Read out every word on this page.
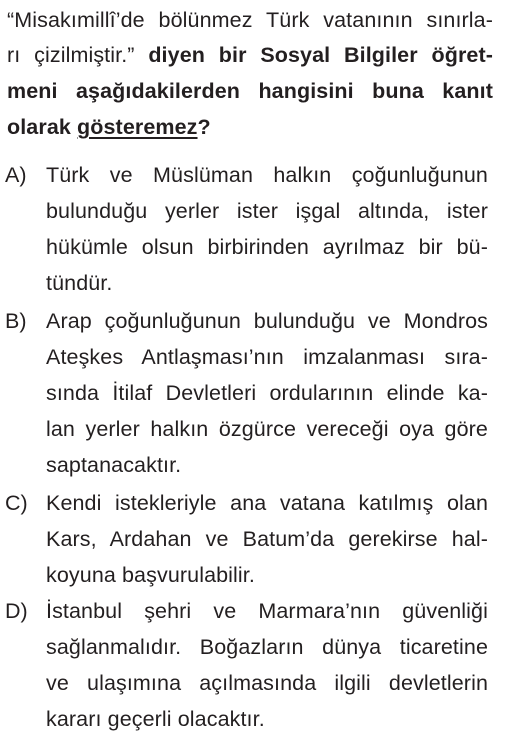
“Misakımillî’de bölünmez Türk vatanının sınırla-
rı çizilmiştir.” diyen bir Sosyal Bilgiler öğret-
meni aşağıdakilerden hangisini buna kanıt
olarak gösteremez?
A) Türk ve Müslüman halkın çoğunluğunun
bulunduğu yerler ister işgal altında, ister
hükümle olsun birbirinden ayrılmaz bir bü-
tündür.
B) Arap çoğunluğunun bulunduğu ve Mondros
Ateşkes Antlaşması’nın imzalanması sıra-
sında İtilaf Devletleri ordularının elinde ka-
lan yerler halkın özgürce vereceği oya göre
saptanacaktır.
C) Kendi istekleriyle ana vatana katılmış olan
Kars, Ardahan ve Batum’da gerekirse hal-
koyuna başvurulabilir.
D) İstanbul şehri ve Marmara’nın güvenliği
sağlanmalıdır. Boğazların dünya ticaretine
ve ulaşımına açılmasında ilgili devletlerin
kararı geçerli olacaktır.
